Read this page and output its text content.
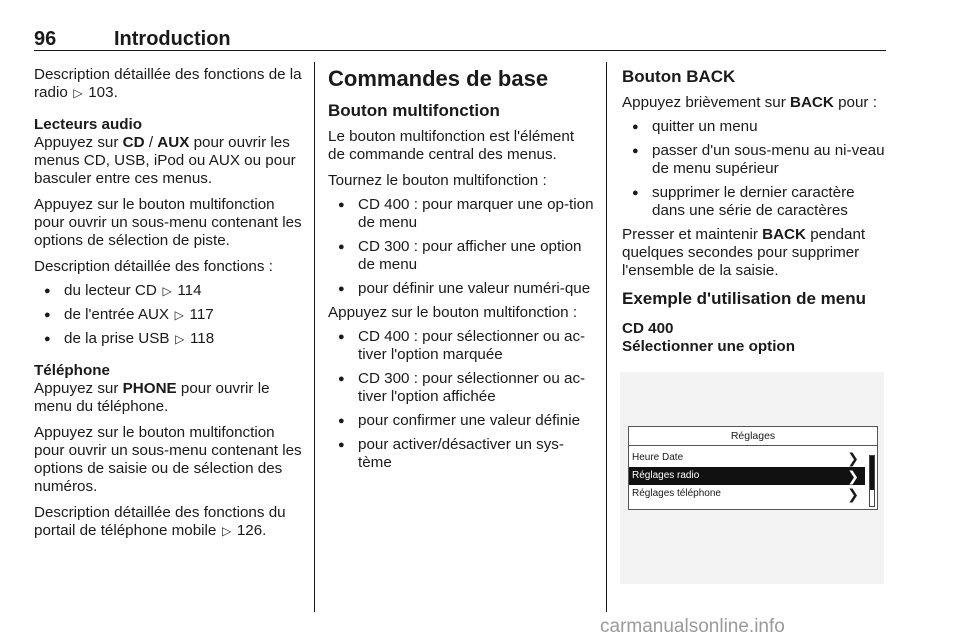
96	Introduction

Description détaillée des fonctions de la radio ▷ 103.

Lecteurs audio

Appuyez sur CD / AUX pour ouvrir les menus CD, USB, iPod ou AUX ou pour basculer entre ces menus.

Appuyez sur le bouton multifonction pour ouvrir un sous-menu contenant les options de sélection de piste.

Description détaillée des fonctions :

● du lecteur CD ▷ 114
● de l'entrée AUX ▷ 117
● de la prise USB ▷ 118
Téléphone

Appuyez sur PHONE pour ouvrir le menu du téléphone.

Appuyez sur le bouton multifonction pour ouvrir un sous-menu contenant les options de saisie ou de sélection des numéros.

Description détaillée des fonctions du portail de téléphone mobile ▷ 126.

Commandes de base
Bouton multifonction

Le bouton multifonction est l'élément de commande central des menus.

Tournez le bouton multifonction :

● CD 400 : pour marquer une op-tion de menu
● CD 300 : pour afficher une option de menu
● pour définir une valeur numéri-que

Appuyez sur le bouton multifonction :

● CD 400 : pour sélectionner ou ac-tiver l'option marquée
● CD 300 : pour sélectionner ou ac-tiver l'option affichée
● pour confirmer une valeur définie
● pour activer/désactiver un sys-tème
Bouton BACK

Appuyez brièvement sur BACK pour :

● quitter un menu
● passer d'un sous-menu au ni-veau de menu supérieur
● supprimer le dernier caractère dans une série de caractères

Presser et maintenir BACK pendant quelques secondes pour supprimer l'ensemble de la saisie.

Exemple d'utilisation de menu
CD 400
Sélectionner une option
Réglages
Heure Date	❯
Réglages radio	❯
Réglages téléphone	❯
carmanualsonline.info
